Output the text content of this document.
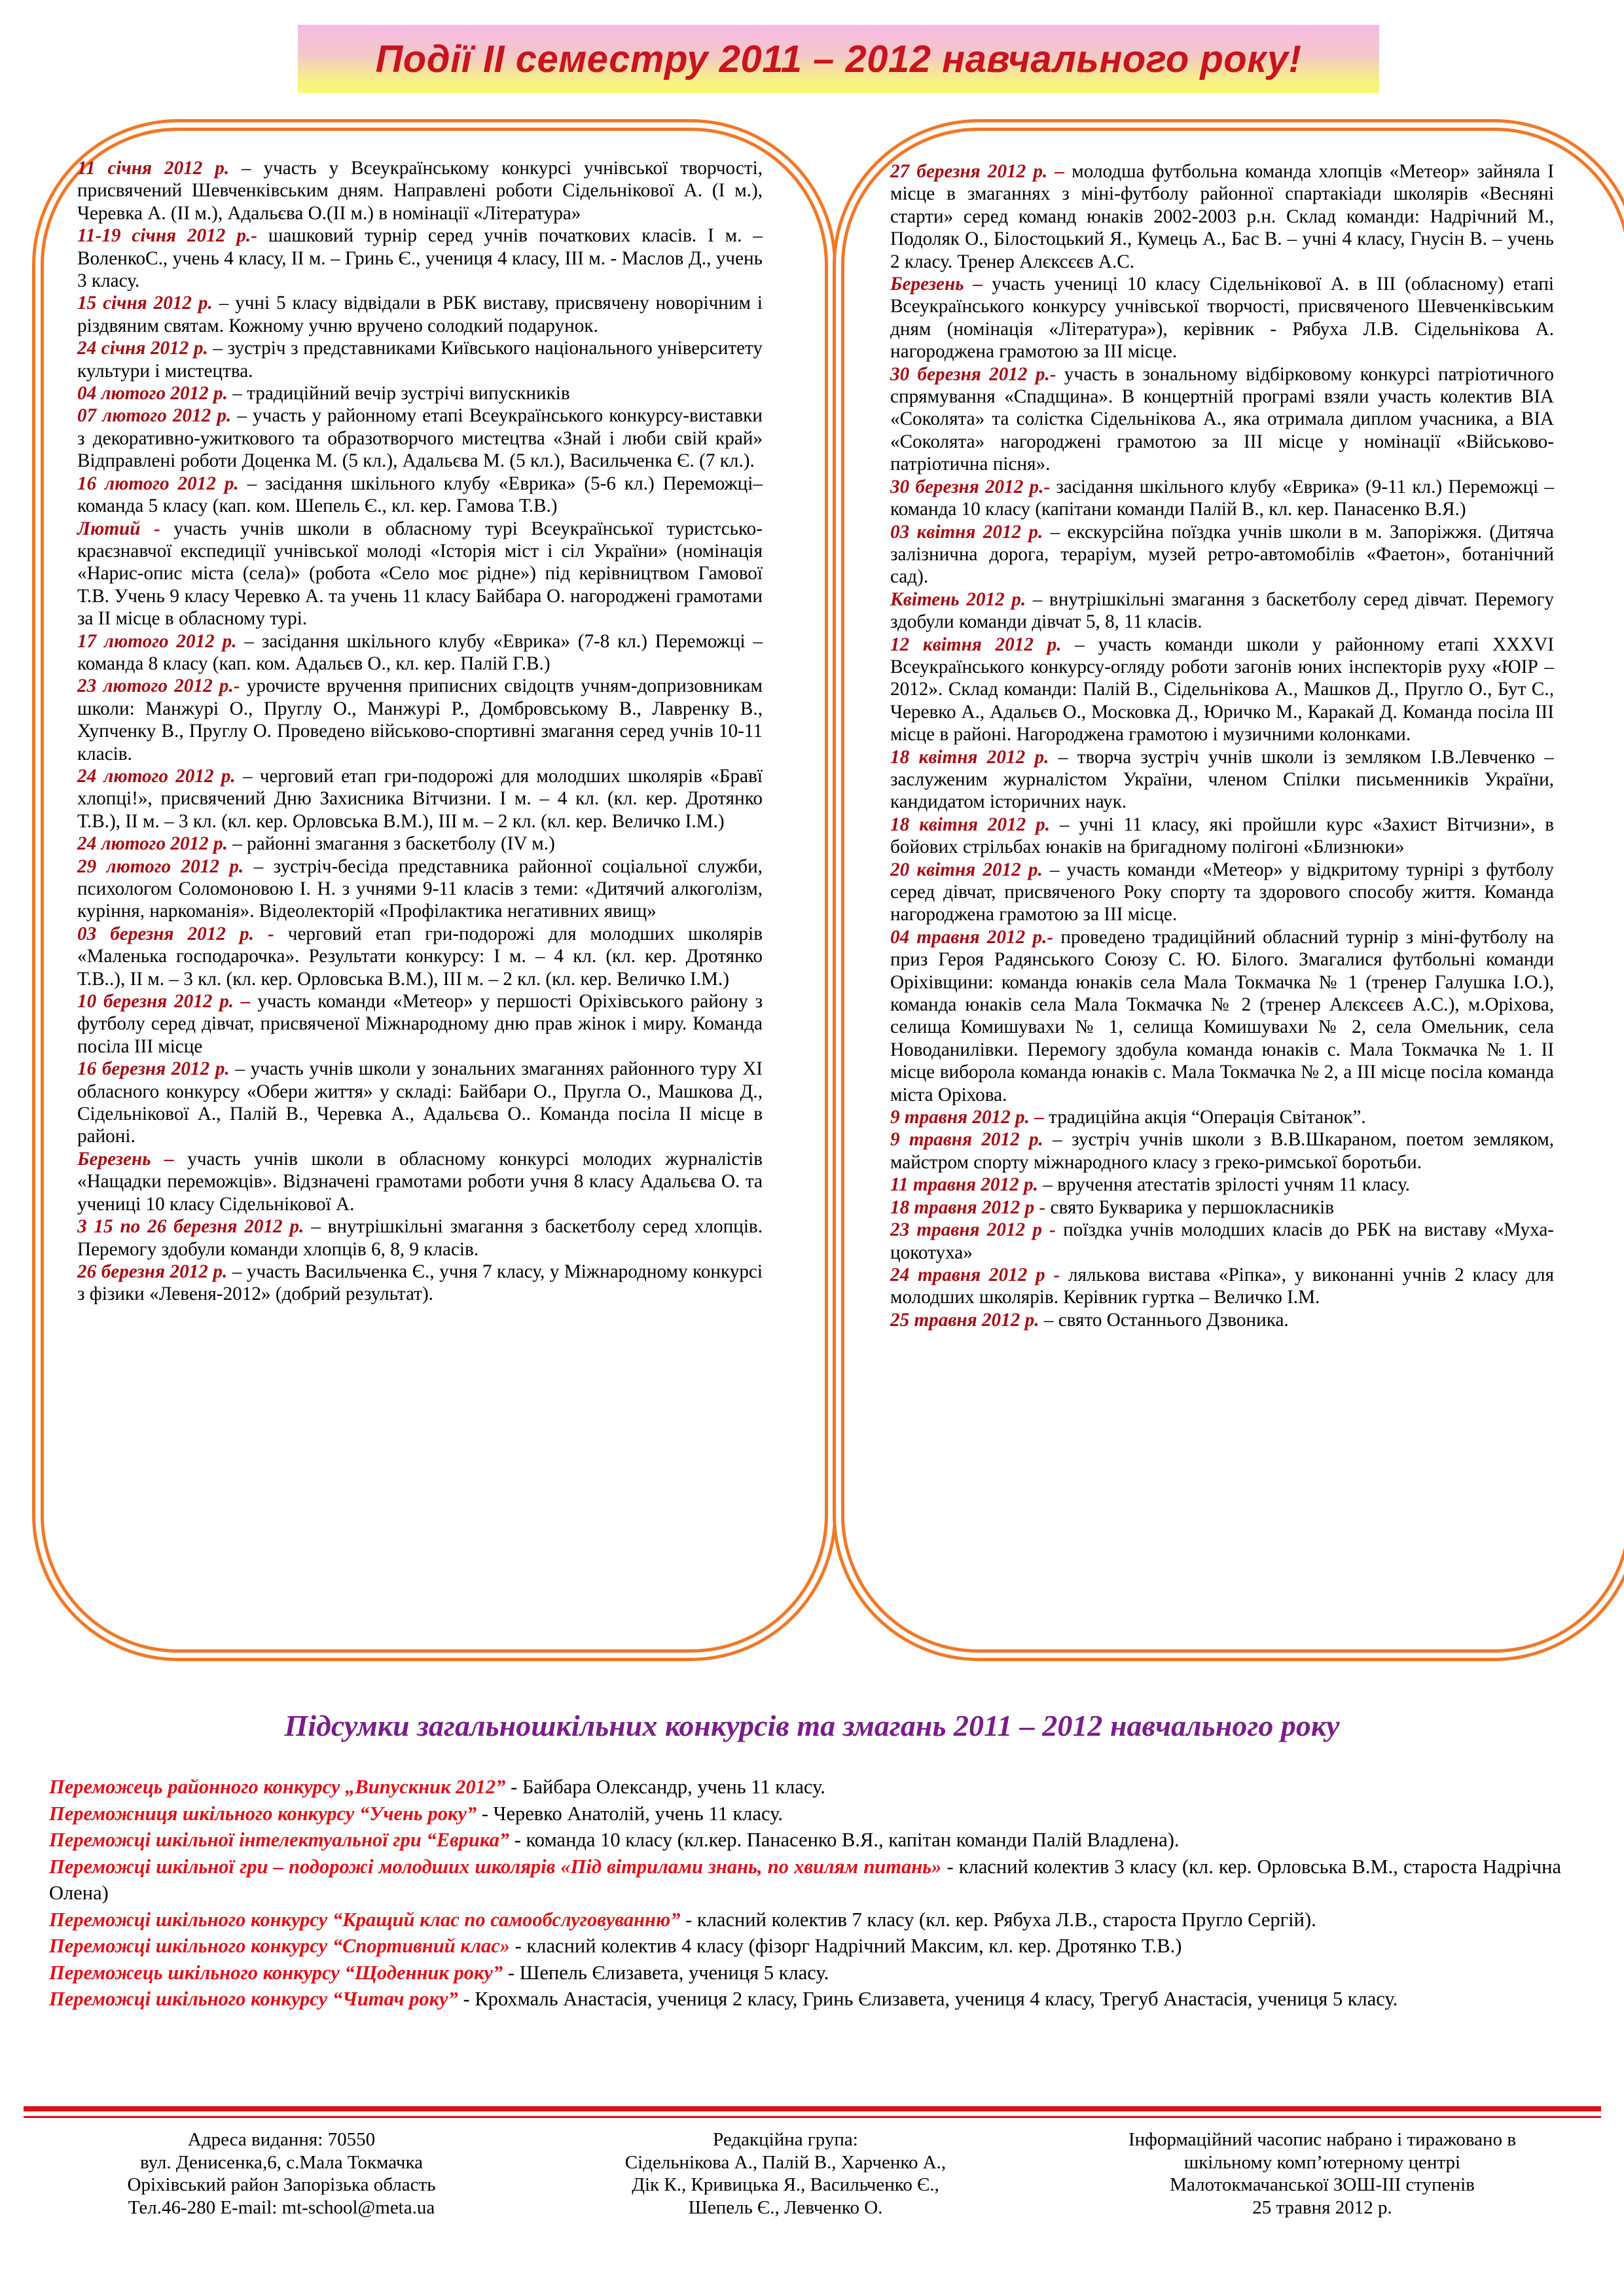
Події ІІ семестру 2011 – 2012 навчального року!

11 січня 2012 р. – участь у Всеукраїнському конкурсі учнівської творчості, присвячений Шевченківським дням. Направлені роботи Сідельнікової А. (І м.), Черевка А. (ІІ м.), Адальєва О.(ІІ м.) в номінації «Література»

11-19 січня 2012 р.- шашковий турнір серед учнів початкових класів. І м. – ВоленкоС., учень 4 класу, ІІ м. – Гринь Є., учениця 4 класу, ІІІ м. - Маслов Д., учень 3 класу.

15 січня 2012 р. – учні 5 класу відвідали в РБК виставу, присвячену новорічним і різдвяним святам. Кожному учню вручено солодкий подарунок.

24 січня 2012 р. – зустріч з представниками Київського національного університету культури і мистецтва.

04 лютого 2012 р. – традиційний вечір зустрічі випускників

07 лютого 2012 р. – участь у районному етапі Всеукраїнського конкурсу-виставки з декоративно-ужиткового та образотворчого мистецтва «Знай і люби свій край» Відправлені роботи Доценка М. (5 кл.), Адальєва М. (5 кл.), Васильченка Є. (7 кл.).

16 лютого 2012 р. – засідання шкільного клубу «Еврика» (5-6 кл.) Переможці– команда 5 класу (кап. ком. Шепель Є., кл. кер. Гамова Т.В.)

Лютий - участь учнів школи в обласному турі Всеукраїнської туристсько-краєзнавчої експедиції учнівської молоді «Історія міст і сіл України» (номінація «Нарис-опис міста (села)» (робота «Село моє рідне») під керівництвом Гамової Т.В. Учень 9 класу Черевко А. та учень 11 класу Байбара О. нагороджені грамотами за ІІ місце в обласному турі.

17 лютого 2012 р. – засідання шкільного клубу «Еврика» (7-8 кл.) Переможці – команда 8 класу (кап. ком. Адальєв О., кл. кер. Палій Г.В.)

23 лютого 2012 р.- урочисте вручення приписних свідоцтв учням-допризовникам школи: Манжурі О., Пруглу О., Манжурі Р., Домбровському В., Лавренку В., Хупченку В., Пруглу О. Проведено військово-спортивні змагання серед учнів 10-11 класів.

24 лютого 2012 р. – черговий етап гри-подорожі для молодших школярів «Бравї хлопці!», присвячений Дню Захисника Вітчизни. І м. – 4 кл. (кл. кер. Дротянко Т.В.), ІІ м. – 3 кл. (кл. кер. Орловська В.М.), ІІІ м. – 2 кл. (кл. кер. Величко І.М.)

24 лютого 2012 р. – районні змагання з баскетболу (IV м.)

29 лютого 2012 р. – зустріч-бесіда представника районної соціальної служби, психологом Соломоновою І. Н. з учнями 9-11 класів з теми: «Дитячий алкоголізм, куріння, наркоманія». Відеолекторій «Профілактика негативних явищ»

03 березня 2012 р. - черговий етап гри-подорожі для молодших школярів «Маленька господарочка». Результати конкурсу: І м. – 4 кл. (кл. кер. Дротянко Т.В..), ІІ м. – 3 кл. (кл. кер. Орловська В.М.), ІІІ м. – 2 кл. (кл. кер. Величко І.М.)

10 березня 2012 р. – участь команди «Метеор» у першості Оріхівського району з футболу серед дівчат, присвяченої Міжнародному дню прав жінок і миру. Команда посіла ІІІ місце

16 березня 2012 р. – участь учнів школи у зональних змаганнях районного туру ХІ обласного конкурсу «Обери життя» у складі: Байбари О., Пругла О., Машкова Д., Сідельнікової А., Палій В., Черевка А., Адальєва О.. Команда посіла ІІ місце в районі.

Березень – участь учнів школи в обласному конкурсі молодих журналістів «Нащадки переможців». Відзначені грамотами роботи учня 8 класу Адальєва О. та учениці 10 класу Сідельнікової А.

3 15 по 26 березня 2012 р. – внутрішкільні змагання з баскетболу серед хлопців. Перемогу здобули команди хлопців 6, 8, 9 класів.

26 березня 2012 р. – участь Васильченка Є., учня 7 класу, у Міжнародному конкурсі з фізики «Левеня-2012» (добрий результат).

27 березня 2012 р. – молодша футбольна команда хлопців «Метеор» зайняла І місце в змаганнях з міні-футболу районної спартакіади школярів «Весняні старти» серед команд юнаків 2002-2003 р.н. Склад команди: Надрічний М., Подоляк О., Білостоцький Я., Кумець А., Бас В. – учні 4 класу, Гнусін В. – учень 2 класу. Тренер Алєксєєв А.С.

Березень – участь учениці 10 класу Сідельнікової А. в ІІІ (обласному) етапі Всеукраїнського конкурсу учнівської творчості, присвяченого Шевченківським дням (номінація «Література»), керівник - Рябуха Л.В. Сідельнікова А. нагороджена грамотою за ІІІ місце.

30 березня 2012 р.- участь в зональному відбірковому конкурсі патріотичного спрямування «Спадщина». В концертній програмі взяли участь колектив ВІА «Соколята» та солістка Сідельнікова А., яка отримала диплом учасника, а ВІА «Соколята» нагороджені грамотою за ІІІ місце у номінації «Військово-патріотична пісня».

30 березня 2012 р.- засідання шкільного клубу «Еврика» (9-11 кл.) Переможці – команда 10 класу (капітани команди Палій В., кл. кер. Панасенко В.Я.)

03 квітня 2012 р. – екскурсійна поїздка учнів школи в м. Запоріжжя. (Дитяча залізнична дорога, тераріум, музей ретро-автомобілів «Фаетон», ботанічний сад).

Квітень 2012 р. – внутрішкільні змагання з баскетболу серед дівчат. Перемогу здобули команди дівчат 5, 8, 11 класів.

12 квітня 2012 р. – участь команди школи у районному етапі ХХХVІ Всеукраїнського конкурсу-огляду роботи загонів юних інспекторів руху «ЮІР – 2012». Склад команди: Палій В., Сідельнікова А., Машков Д., Пруглo О., Бут С., Черевко А., Адальєв О., Московка Д., Юричко М., Каракай Д. Команда посіла ІІІ місце в районі. Нагороджена грамотою і музичними колонками.

18 квітня 2012 р. – творча зустріч учнів школи із земляком І.В.Левченко – заслуженим журналістом України, членом Спілки письменників України, кандидатом історичних наук.

18 квітня 2012 р. – учні 11 класу, які пройшли курс «Захист Вітчизни», в бойових стрільбах юнаків на бригадному полігоні «Близнюки»

20 квітня 2012 р. – участь команди «Метеор» у відкритому турнірі з футболу серед дівчат, присвяченого Року спорту та здорового способу життя. Команда нагороджена грамотою за ІІІ місце.

04 травня 2012 р.- проведено традиційний обласний турнір з міні-футболу на приз Героя Радянського Союзу С. Ю. Білого. Змагалися футбольні команди Оріхівщини: команда юнаків села Мала Токмачка № 1 (тренер Галушка І.О.), команда юнаків села Мала Токмачка № 2 (тренер Алєксєєв А.С.), м.Оріхова, селища Комишувахи № 1, селища Комишувахи № 2, села Омельник, села Новоданилівки. Перемогу здобула команда юнаків с. Мала Токмачка № 1. ІІ місце виборола команда юнаків с. Мала Токмачка № 2, а ІІІ місце посіла команда міста Оріхова.

9 травня 2012 р. – традиційна акція “Операція Світанок”.

9 травня 2012 р. – зустріч учнів школи з В.В.Шкараном, поетом земляком, майстром спорту міжнародного класу з греко-римської боротьби.

11 травня 2012 р. – вручення атестатів зрілості учням 11 класу.

18 травня 2012 р - свято Букварика у першокласників

23 травня 2012 р - поїздка учнів молодших класів до РБК на виставу «Муха-цокотуха»

24 травня 2012 р - лялькова вистава «Ріпка», у виконанні учнів 2 класу для молодших школярів. Керівник гуртка – Величко І.М.

25 травня 2012 р. – свято Останнього Дзвоника.

Підсумки загальношкільних конкурсів та змагань 2011 – 2012 навчального року

Переможець районного конкурсу „Випускник 2012” - Байбара Олександр, учень 11 класу.

Переможниця шкільного конкурсу “Учень року” - Черевко Анатолій, учень 11 класу.

Переможці шкільної інтелектуальної гри “Еврика” - команда 10 класу (кл.кер. Панасенко В.Я., капітан команди Палій Владлена).

Переможці шкільної гри – подорожі молодших школярів «Під вітрилами знань, по хвилям питань» - класний колектив 3 класу (кл. кер. Орловська В.М., староста Надрічна Олена)

Переможці шкільного конкурсу “Кращий клас по самообслуговуванню” - класний колектив 7 класу (кл. кер. Рябуха Л.В., староста Пругло Сергій).

Переможці шкільного конкурсу “Спортивний клас» - класний колектив 4 класу (фізорг Надрічний Максим, кл. кер. Дротянко Т.В.)

Переможець шкільного конкурсу “Щоденник року” - Шепель Єлизавета, учениця 5 класу.

Переможці шкільного конкурсу “Читач року” - Крохмаль Анастасія, учениця 2 класу, Гринь Єлизавета, учениця 4 класу, Трегуб Анастасія, учениця 5 класу.

Адреса видання: 70550
вул. Денисенка,6, с.Мала Токмачка
Оріхівський район Запорізька область
Тел.46-280 E-mail: mt-school@meta.ua
Редакційна група:
Сідельнікова А., Палій В., Харченко А.,
Дік К., Кривицька Я., Васильченко Є.,
Шепель Є., Левченко О.
Інформаційний часопис набрано і тиражовано в
шкільному комп’ютерному центрі
Малотокмачанської ЗОШ-ІІІ ступенів
25 травня 2012 р.
